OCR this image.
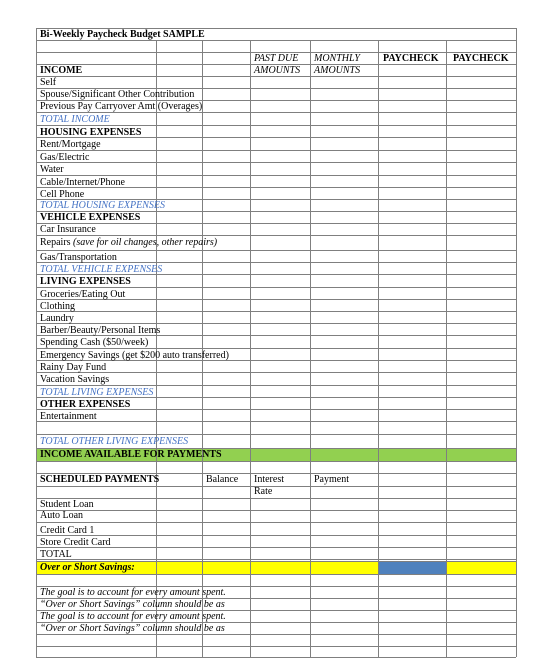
Bi-Weekly Paycheck Budget SAMPLE
PAST DUE
AMOUNTS
MONTHLY
AMOUNTS
PAYCHECK PAYCHECK
INCOME
Self
Spouse/Significant Other Contribution
Previous Pay Carryover Amt (Overages)
TOTAL INCOME
HOUSING EXPENSES
Rent/Mortgage
Gas/Electric
Water
Cable/Internet/Phone
Cell Phone
TOTAL HOUSING EXPENSES
VEHICLE EXPENSES
Car Insurance
Repairs (save for oil changes, other repairs)
Gas/Transportation
TOTAL VEHICLE EXPENSES
LIVING EXPENSES
Groceries/Eating Out
Clothing
Laundry
Barber/Beauty/Personal Items
Spending Cash ($50/week)
Emergency Savings (get $200 auto transferred)
Rainy Day Fund
Vacation Savings
TOTAL LIVING EXPENSES
OTHER EXPENSES
Entertainment
TOTAL OTHER LIVING EXPENSES
INCOME AVAILABLE FOR PAYMENTS
SCHEDULED PAYMENTS	Balance Interest
Rate
Payment
Student Loan
Auto Loan
Credit Card 1
Store Credit Card
TOTAL
Over or Short Savings:
The goal is to account for every amount spent.
“Over or Short Savings” column should be as
The goal is to account for every amount spent.
“Over or Short Savings” column should be as
